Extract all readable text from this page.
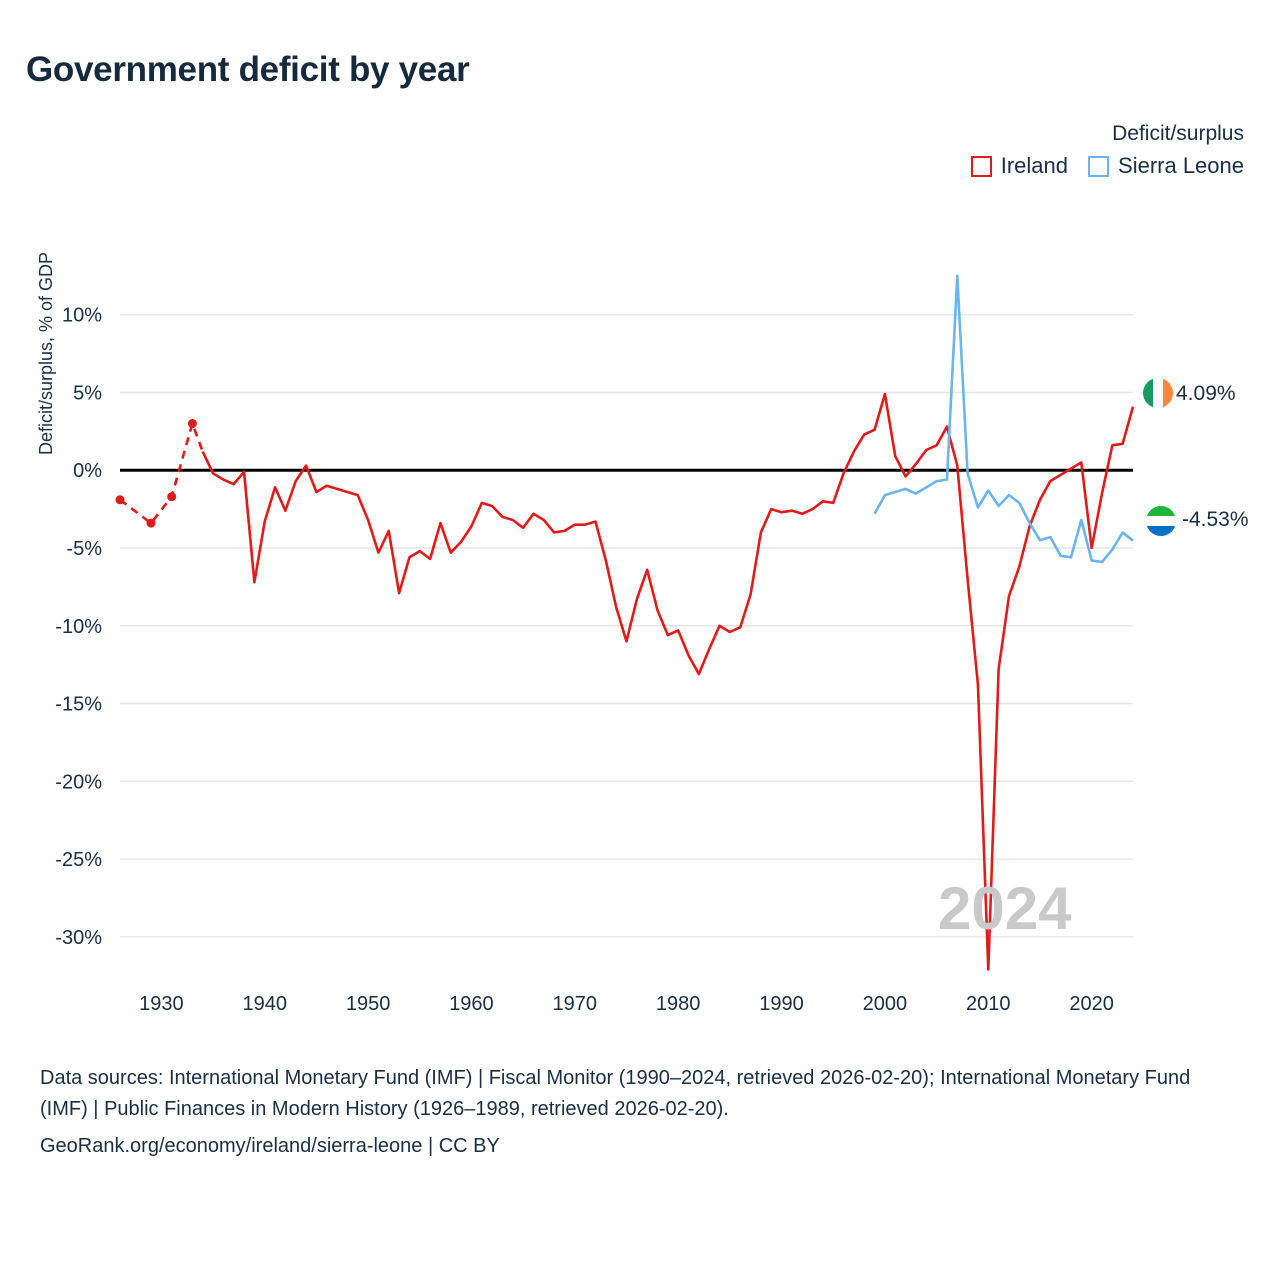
Government deficit by year
Deficit/surplus
Ireland Sierra Leone
Deficit/surplus, % of GDP 10%
5%
0%
-5%
-10%
-15%
-20%
-25%
-30%
1930	1940	1950	1960	1970	1980	1990	2000	2010	2020
2024
4.09%
-4.53%
Data sources: International Monetary Fund (IMF) | Fiscal Monitor (1990–2024, retrieved 2026-02-20); International Monetary Fund (IMF) | Public Finances in Modern History (1926–1989, retrieved 2026-02-20).
GeoRank.org/economy/ireland/sierra-leone | CC BY
